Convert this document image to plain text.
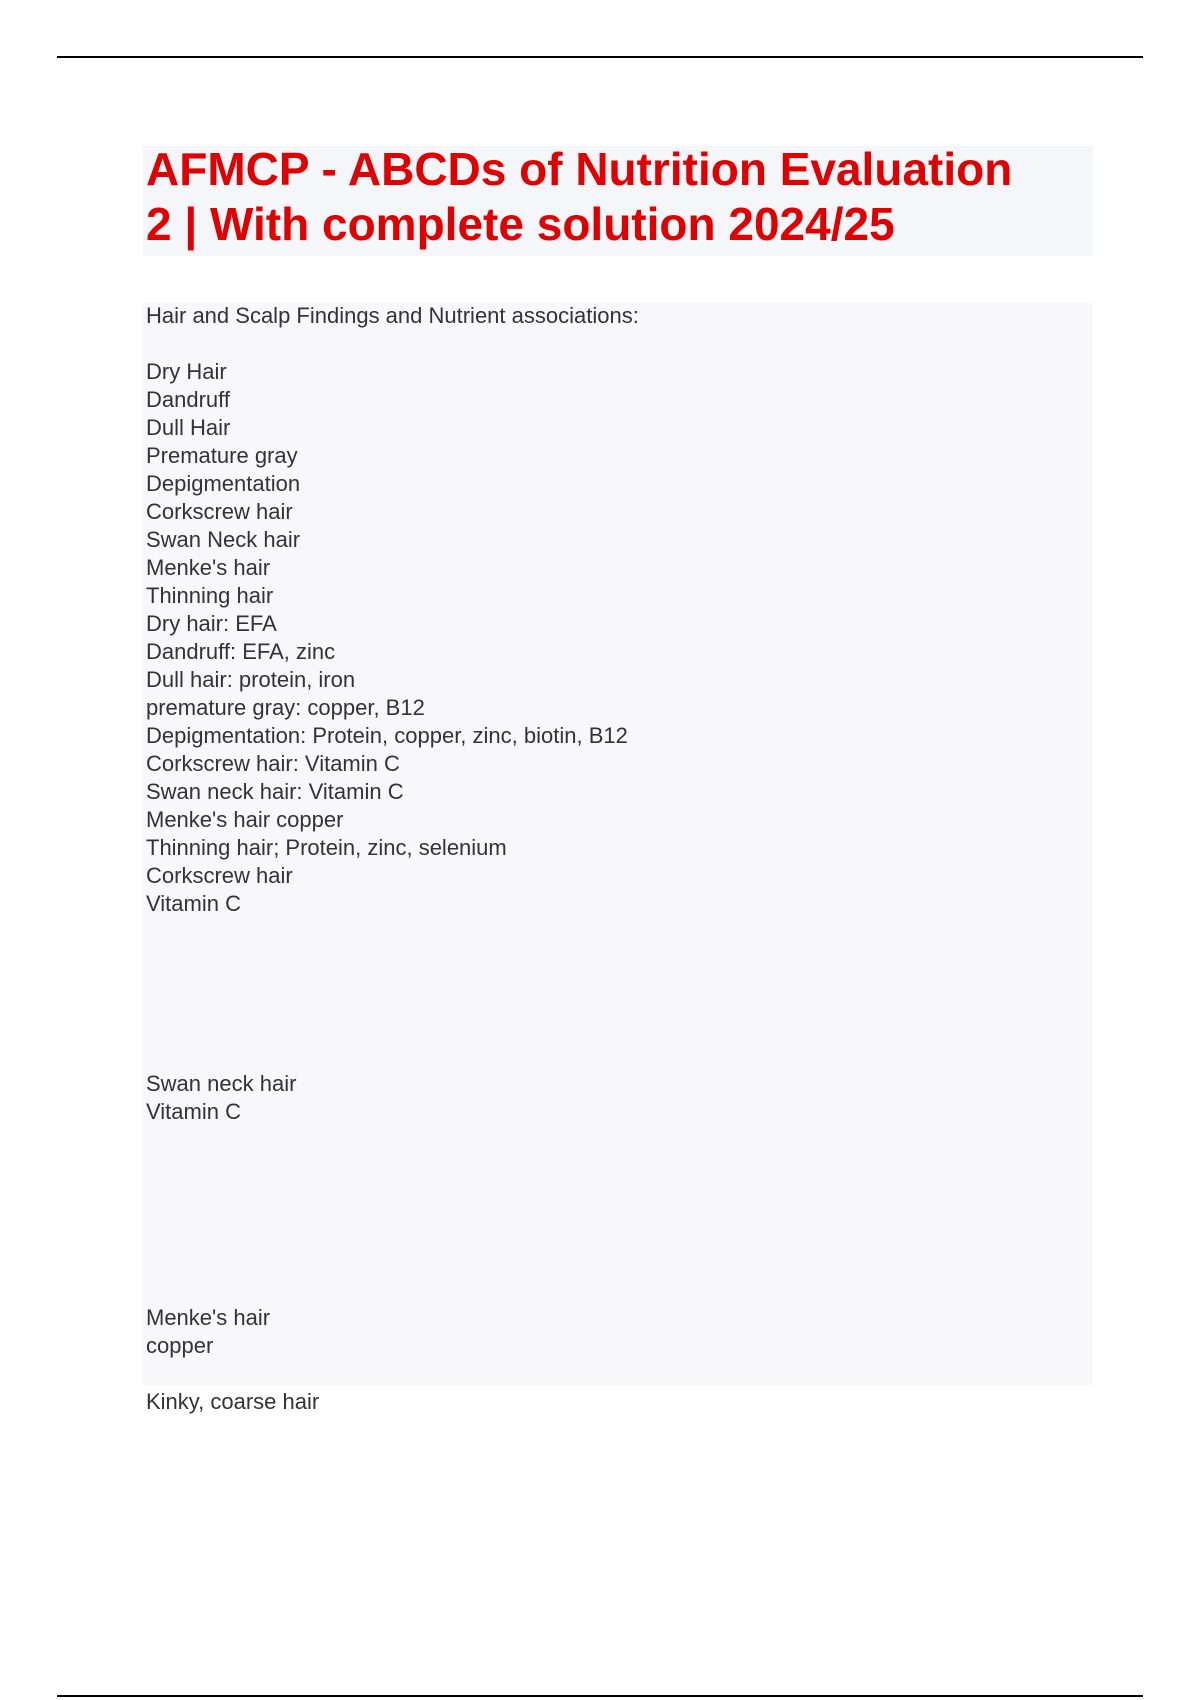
AFMCP - ABCDs of Nutrition Evaluation
2 | With complete solution 2024/25
Hair and Scalp Findings and Nutrient associations:
Dry Hair
Dandruff
Dull Hair
Premature gray
Depigmentation
Corkscrew hair
Swan Neck hair
Menke's hair
Thinning hair
Dry hair: EFA
Dandruff: EFA, zinc
Dull hair: protein, iron
premature gray: copper, B12
Depigmentation: Protein, copper, zinc, biotin, B12
Corkscrew hair: Vitamin C
Swan neck hair: Vitamin C
Menke's hair copper
Thinning hair; Protein, zinc, selenium
Corkscrew hair
Vitamin C
Swan neck hair
Vitamin C
Menke's hair
copper
Kinky, coarse hair
